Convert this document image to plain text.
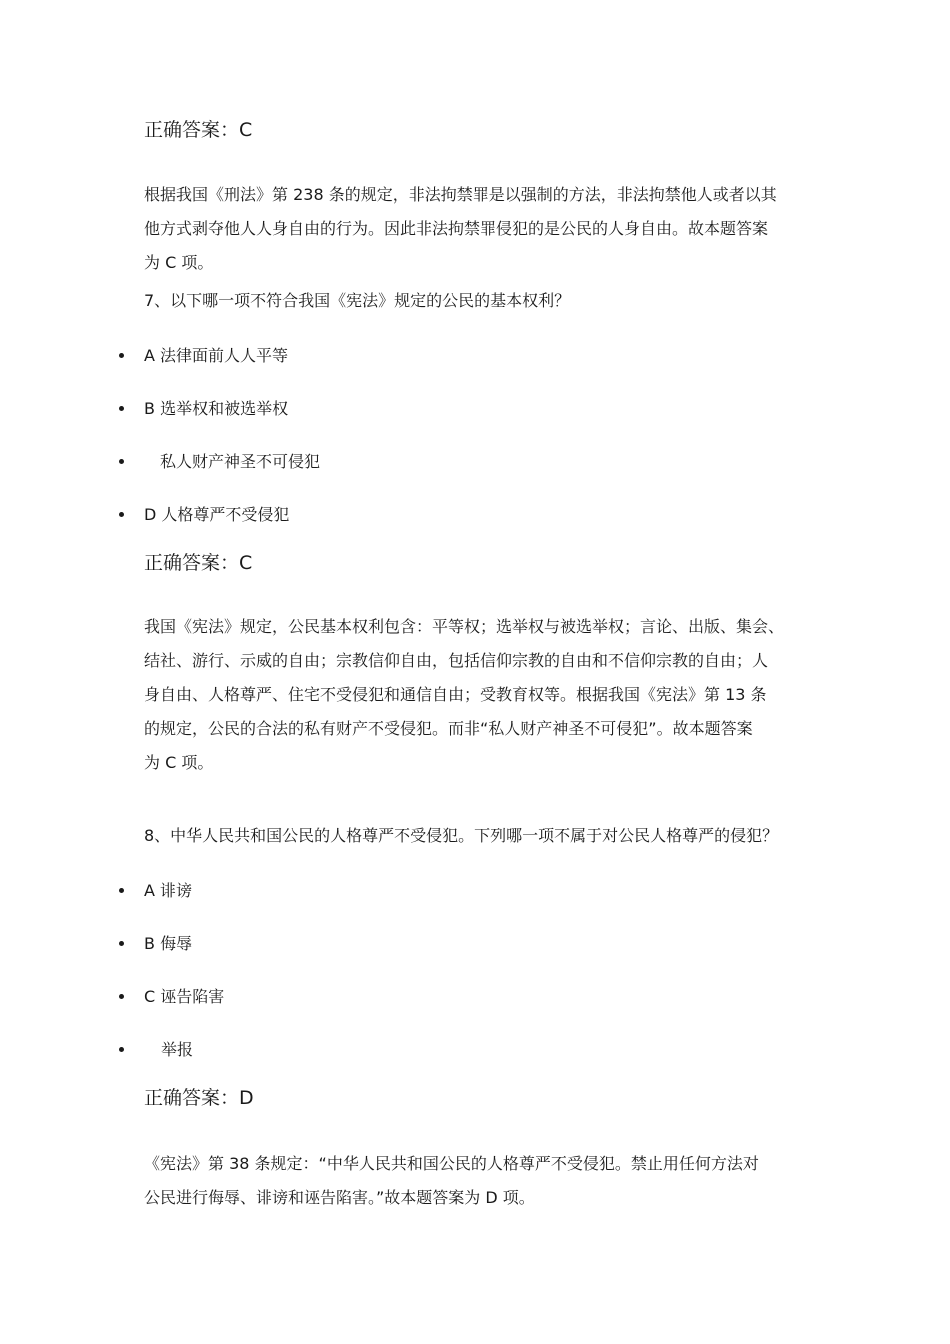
正确答案：C
根据我国《刑法》第 238 条的规定，非法拘禁罪是以强制的方法，非法拘禁他人或者以其
他方式剥夺他人人身自由的行为。因此非法拘禁罪侵犯的是公民的人身自由。故本题答案
为 C 项。
7、以下哪一项不符合我国《宪法》规定的公民的基本权利？
A 法律面前人人平等
B 选举权和被选举权
私人财产神圣不可侵犯
D 人格尊严不受侵犯
正确答案：C
我国《宪法》规定，公民基本权利包含：平等权；选举权与被选举权；言论、出版、集会、
结社、游行、示威的自由；宗教信仰自由，包括信仰宗教的自由和不信仰宗教的自由；人
身自由、人格尊严、住宅不受侵犯和通信自由；受教育权等。根据我国《宪法》第 13 条
的规定，公民的合法的私有财产不受侵犯。而非“私人财产神圣不可侵犯”。故本题答案
为 C 项。
8、中华人民共和国公民的人格尊严不受侵犯。下列哪一项不属于对公民人格尊严的侵犯？
A 诽谤
B 侮辱
C 诬告陷害
举报
正确答案：D
《宪法》第 38 条规定：“中华人民共和国公民的人格尊严不受侵犯。禁止用任何方法对
公民进行侮辱、诽谤和诬告陷害。”故本题答案为 D 项。
